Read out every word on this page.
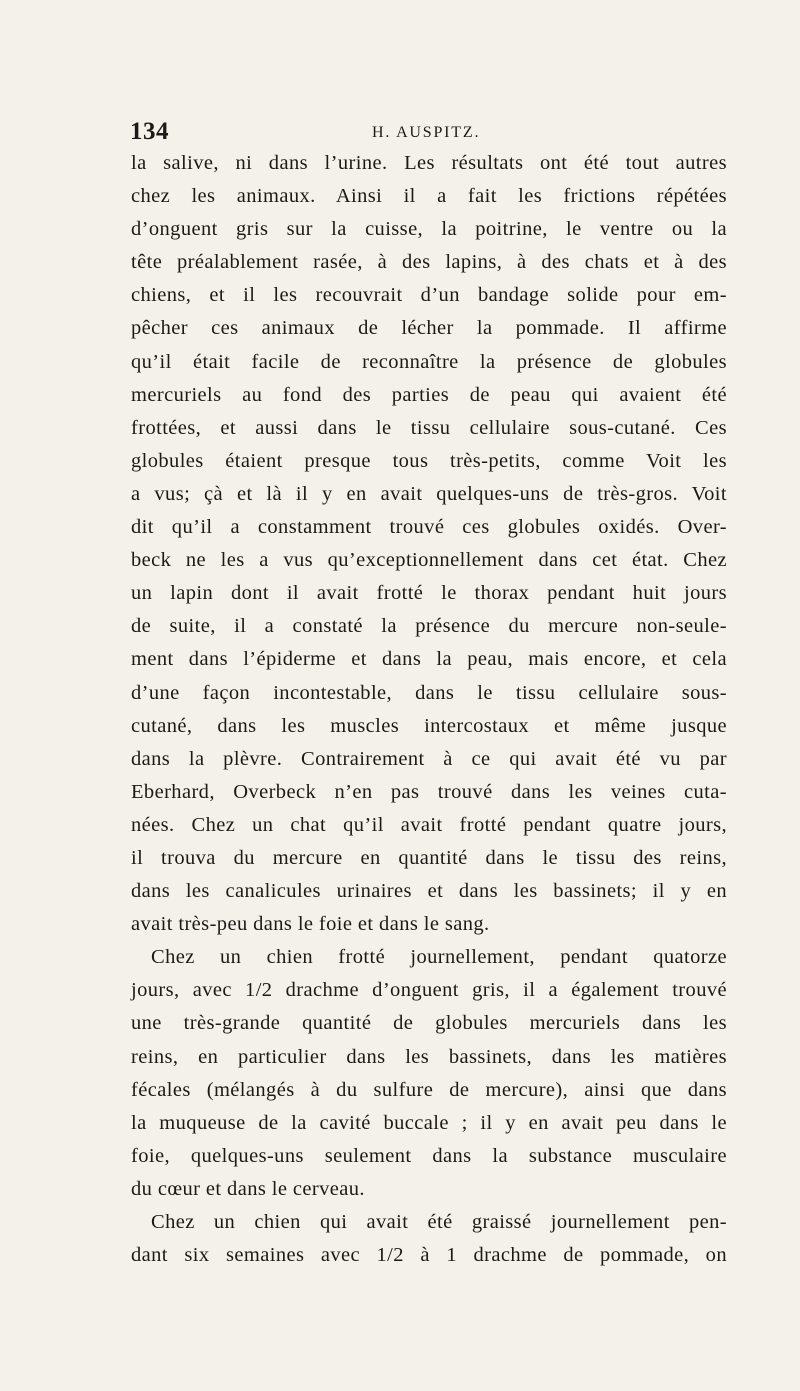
134	H. AUSPITZ.
la salive, ni dans l’urine. Les résultats ont été tout autres
chez les animaux. Ainsi il a fait les frictions répétées
d’onguent gris sur la cuisse, la poitrine, le ventre ou la
tête préalablement rasée, à des lapins, à des chats et à des
chiens, et il les recouvrait d’un bandage solide pour em-
pêcher ces animaux de lécher la pommade. Il affirme
qu’il était facile de reconnaître la présence de globules
mercuriels au fond des parties de peau qui avaient été
frottées, et aussi dans le tissu cellulaire sous-cutané. Ces
globules étaient presque tous très-petits, comme Voit les
a vus; çà et là il y en avait quelques-uns de très-gros. Voit
dit qu’il a constamment trouvé ces globules oxidés. Over-
beck ne les a vus qu’exceptionnellement dans cet état. Chez
un lapin dont il avait frotté le thorax pendant huit jours
de suite, il a constaté la présence du mercure non-seule-
ment dans l’épiderme et dans la peau, mais encore, et cela
d’une façon incontestable, dans le tissu cellulaire sous-
cutané, dans les muscles intercostaux et même jusque
dans la plèvre. Contrairement à ce qui avait été vu par
Eberhard, Overbeck n’en pas trouvé dans les veines cuta-
nées. Chez un chat qu’il avait frotté pendant quatre jours,
il trouva du mercure en quantité dans le tissu des reins,
dans les canalicules urinaires et dans les bassinets; il y en
avait très-peu dans le foie et dans le sang.
Chez un chien frotté journellement, pendant quatorze
jours, avec 1/2 drachme d’onguent gris, il a également trouvé
une très-grande quantité de globules mercuriels dans les
reins, en particulier dans les bassinets, dans les matières
fécales (mélangés à du sulfure de mercure), ainsi que dans
la muqueuse de la cavité buccale ; il y en avait peu dans le
foie, quelques-uns seulement dans la substance musculaire
du cœur et dans le cerveau.
Chez un chien qui avait été graissé journellement pen-
dant six semaines avec 1/2 à 1 drachme de pommade, on
